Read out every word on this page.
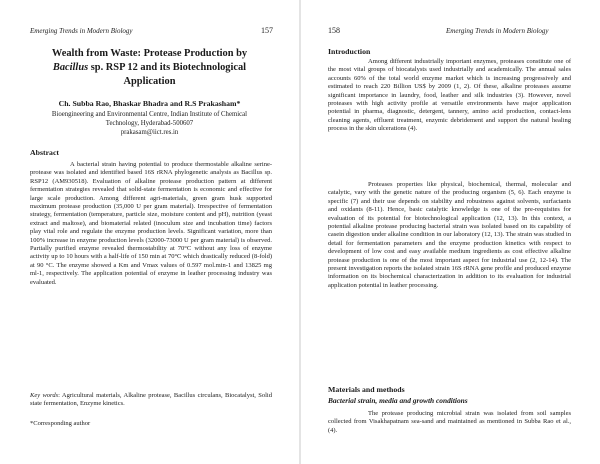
Emerging Trends in Modern Biology	157
Wealth from Waste: Protease Production by
Bacillus sp. RSP 12 and its Biotechnological
Application
Ch. Subba Rao, Bhaskar Bhadra and R.S Prakasham*
Bioengineering and Environmental Centre, Indian Institute of Chemical
Technology, Hyderabad-500607
prakasam@iict.res.in
Abstract
A bacterial strain having potential to produce thermostable alkaline serine-protease was isolated and identified based 16S rRNA phylogenetic analysis as Bacillus sp. RSP12 (AM930518). Evaluation of alkaline protease production pattern at different fermentation strategies revealed that solid-state fermentation is economic and effective for large scale production. Among different agri-materials, green gram husk supported maximum protease production (35,000 U per gram material). Irrespective of fermentation strategy, fermentation (temperature, particle size, moisture content and pH), nutrition (yeast extract and maltose), and biomaterial related (inoculum size and incubation time) factors play vital role and regulate the enzyme production levels. Significant variation, more than 100% increase in enzyme production levels (32000-73000 U per gram material) is observed. Partially purified enzyme revealed thermostability at 70°C without any loss of enzyme activity up to 10 hours with a half-life of 150 min at 70°C which drastically reduced (8-fold) at 90 °C. The enzyme showed a Km and Vmax values of 0.597 mol.min-1 and 13825 mg ml-1, respectively. The application potential of enzyme in leather processing industry was evaluated.
Key words: Agricultural materials, Alkaline protease, Bacillus circulans, Biocatalyst, Solid state fermentation, Enzyme kinetics.
*Corresponding author
158	Emerging Trends in Modern Biology
Introduction
Among different industrially important enzymes, proteases constitute one of the most vital groups of biocatalysts used industrially and academically. The annual sales accounts 60% of the total world enzyme market which is increasing progressively and estimated to reach 220 Billion US$ by 2009 (1, 2). Of these, alkaline proteases assume significant importance in laundry, food, leather and silk industries (3). However, novel proteases with high activity profile at versatile environments have major application potential in pharma, diagnostic, detergent, tannery, amino acid production, contact-lens cleaning agents, effluent treatment, enzymic debridement and support the natural healing process in the skin ulcerations (4).
Proteases properties like physical, biochemical, thermal, molecular and catalytic, vary with the genetic nature of the producing organism (5, 6). Each enzyme is specific (7) and their use depends on stability and robustness against solvents, surfactants and oxidants (8-11). Hence, basic catalytic knowledge is one of the pre-requisites for evaluation of its potential for biotechnological application (12, 13). In this context, a potential alkaline protease producing bacterial strain was isolated based on its capability of casein digestion under alkaline condition in our laboratory (12, 13). The strain was studied in detail for fermentation parameters and the enzyme production kinetics with respect to development of low cost and easy available medium ingredients as cost effective alkaline protease production is one of the most important aspect for industrial use (2, 12-14). The present investigation reports the isolated strain 16S rRNA gene profile and produced enzyme information on its biochemical characterization in addition to its evaluation for industrial application potential in leather processing.
Materials and methods
Bacterial strain, media and growth conditions
The protease producing microbial strain was isolated from soil samples collected from Visakhapatnam sea-sand and maintained as mentioned in Subba Rao et al., (4).
